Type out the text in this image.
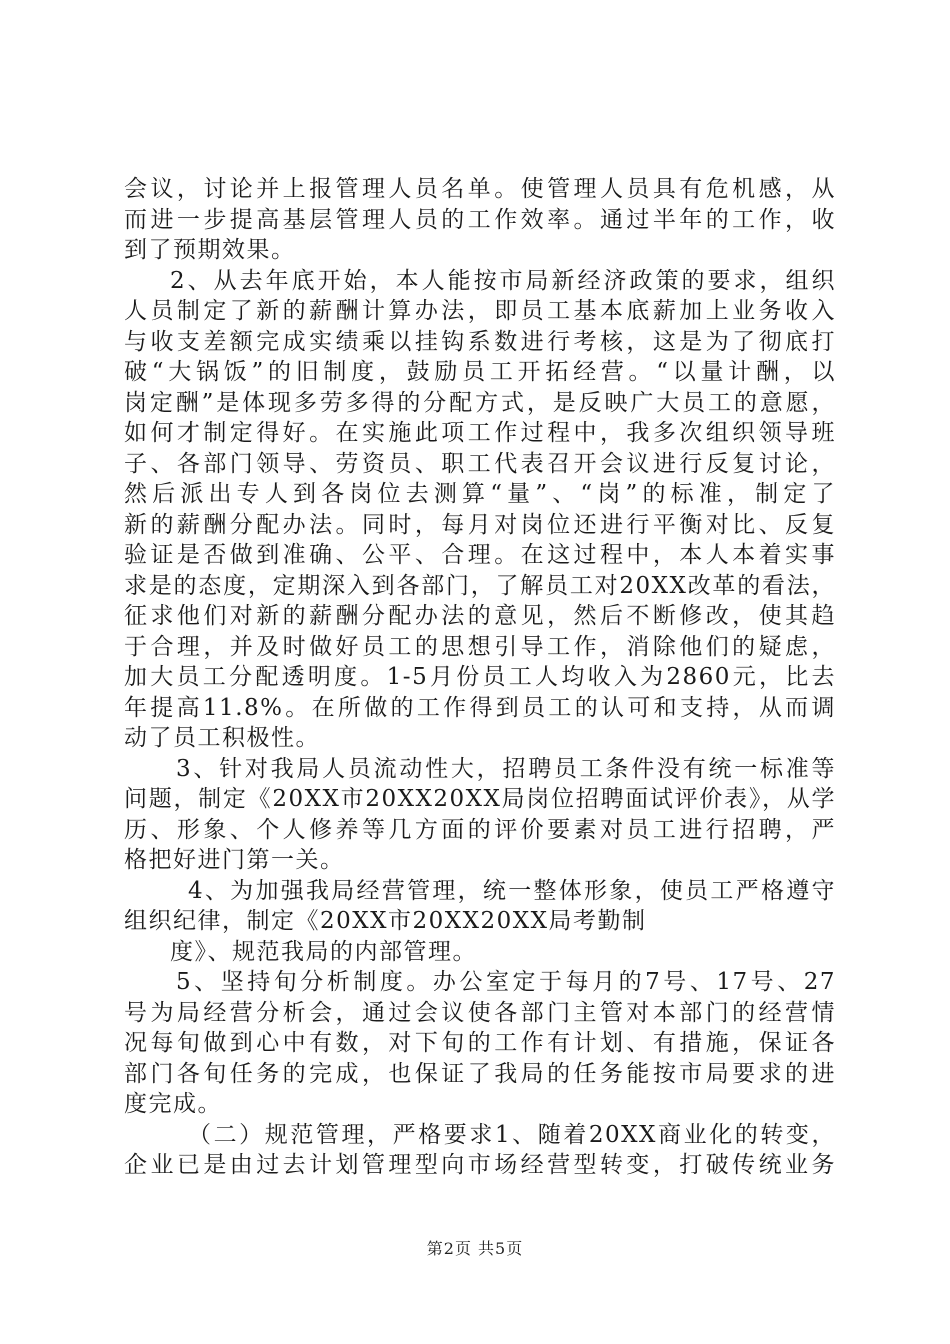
会议，讨论并上报管理人员名单。使管理人员具有危机感，从
而进一步提高基层管理人员的工作效率。通过半年的工作，收
到了预期效果。

2、从去年底开始，本人能按市局新经济政策的要求，组织
人员制定了新的薪酬计算办法，即员工基本底薪加上业务收入
与收支差额完成实绩乘以挂钩系数进行考核，这是为了彻底打
破“大锅饭”的旧制度，鼓励员工开拓经营。“以量计酬，以
岗定酬”是体现多劳多得的分配方式，是反映广大员工的意愿，
如何才制定得好。在实施此项工作过程中，我多次组织领导班
子、各部门领导、劳资员、职工代表召开会议进行反复讨论，
然后派出专人到各岗位去测算“量”、“岗”的标准，制定了
新的薪酬分配办法。同时，每月对岗位还进行平衡对比、反复
验证是否做到准确、公平、合理。在这过程中，本人本着实事
求是的态度，定期深入到各部门，了解员工对20XX改革的看法，
征求他们对新的薪酬分配办法的意见，然后不断修改，使其趋
于合理，并及时做好员工的思想引导工作，消除他们的疑虑，
加大员工分配透明度。1-5月份员工人均收入为2860元，比去
年提高11.8%。在所做的工作得到员工的认可和支持，从而调
动了员工积极性。

3、针对我局人员流动性大，招聘员工条件没有统一标准等
问题，制定《20XX市20XX20XX局岗位招聘面试评价表》，从学
历、形象、个人修养等几方面的评价要素对员工进行招聘，严
格把好进门第一关。

4、为加强我局经营管理，统一整体形象，使员工严格遵守
组织纪律，制定《20XX市20XX20XX局考勤制
度》、规范我局的内部管理。

5、坚持旬分析制度。办公室定于每月的7号、17号、27
号为局经营分析会，通过会议使各部门主管对本部门的经营情
况每旬做到心中有数，对下旬的工作有计划、有措施，保证各
部门各旬任务的完成，也保证了我局的任务能按市局要求的进
度完成。

（二）规范管理，严格要求1、随着20XX商业化的转变，
企业已是由过去计划管理型向市场经营型转变，打破传统业务

第2页 共5页
